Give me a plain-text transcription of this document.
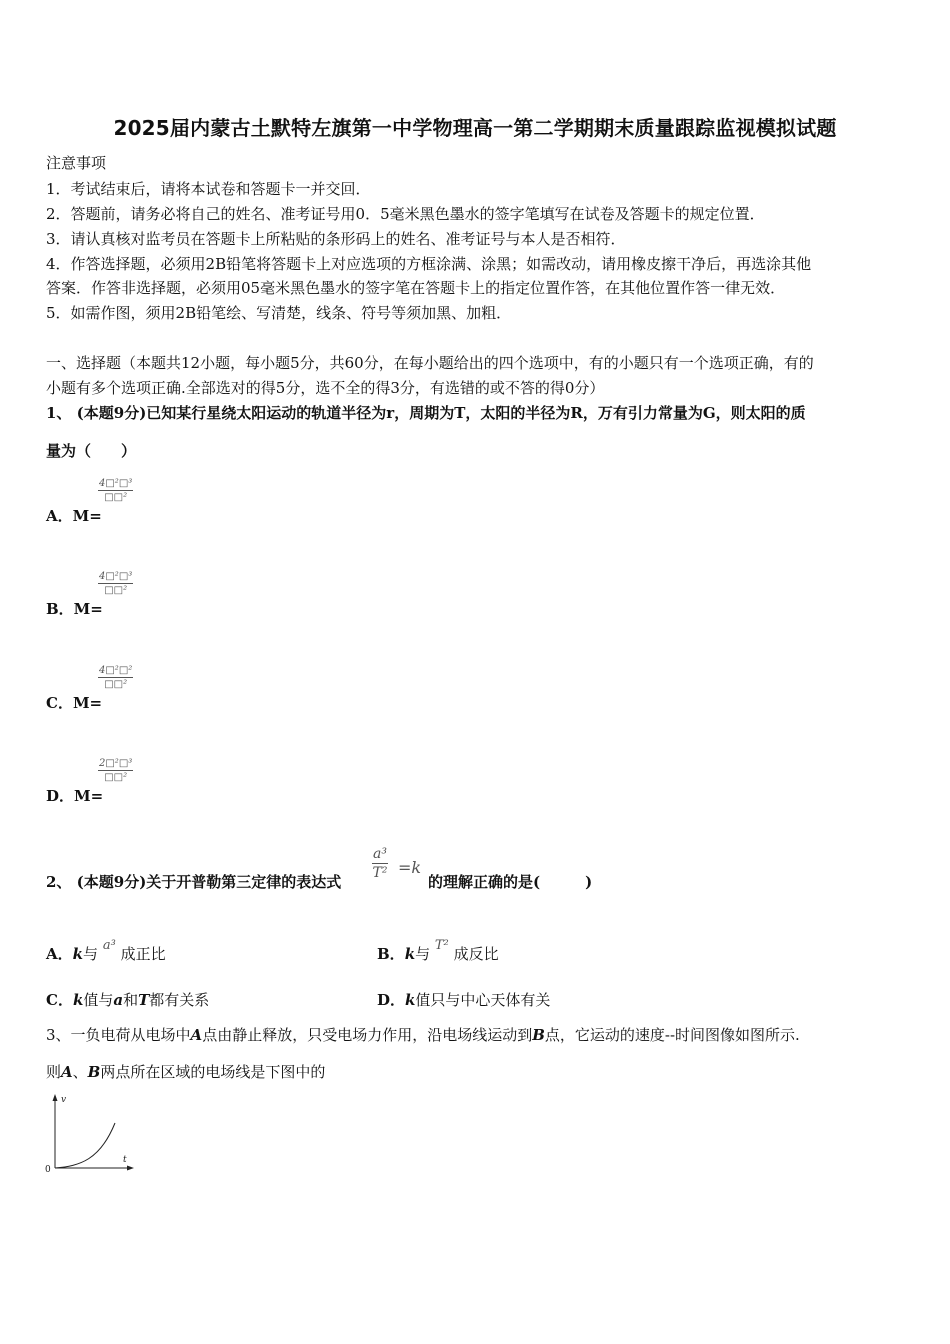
2025届内蒙古土默特左旗第一中学物理高一第二学期期末质量跟踪监视模拟试题
注意事项
1．考试结束后，请将本试卷和答题卡一并交回．
2．答题前，请务必将自己的姓名、准考证号用0．5毫米黑色墨水的签字笔填写在试卷及答题卡的规定位置．
3．请认真核对监考员在答题卡上所粘贴的条形码上的姓名、准考证号与本人是否相符．
4．作答选择题，必须用2B铅笔将答题卡上对应选项的方框涂满、涂黑；如需改动，请用橡皮擦干净后，再选涂其他
答案．作答非选择题，必须用05毫米黑色墨水的签字笔在答题卡上的指定位置作答，在其他位置作答一律无效．
5．如需作图，须用2B铅笔绘、写清楚，线条、符号等须加黑、加粗．
一、选择题（本题共12小题，每小题5分，共60分，在每小题给出的四个选项中，有的小题只有一个选项正确，有的
小题有多个选项正确.全部选对的得5分，选不全的得3分，有选错的或不答的得0分）
1、 (本题9分)已知某行星绕太阳运动的轨道半径为r，周期为T，太阳的半径为R，万有引力常量为G，则太阳的质
量为（　　）
A．M=
4□²□³
□□²
B．M=
4□²□³
□□²
C．M=
4□²□²
□□²
D．M=
2□²□³
□□²
2、 (本题9分)关于开普勒第三定律的表达式
$\frac{\text{a³}}{\text{T²}} =k$
的理解正确的是(　　　)
A．k与 a³ 成正比	B．k与 T² 成反比
C．k值与a和T都有关系	D．k值只与中心天体有关
3、一负电荷从电场中A点由静止释放，只受电场力作用，沿电场线运动到B点，它运动的速度--时间图像如图所示.
则A、B两点所在区域的电场线是下图中的
v
t
0
